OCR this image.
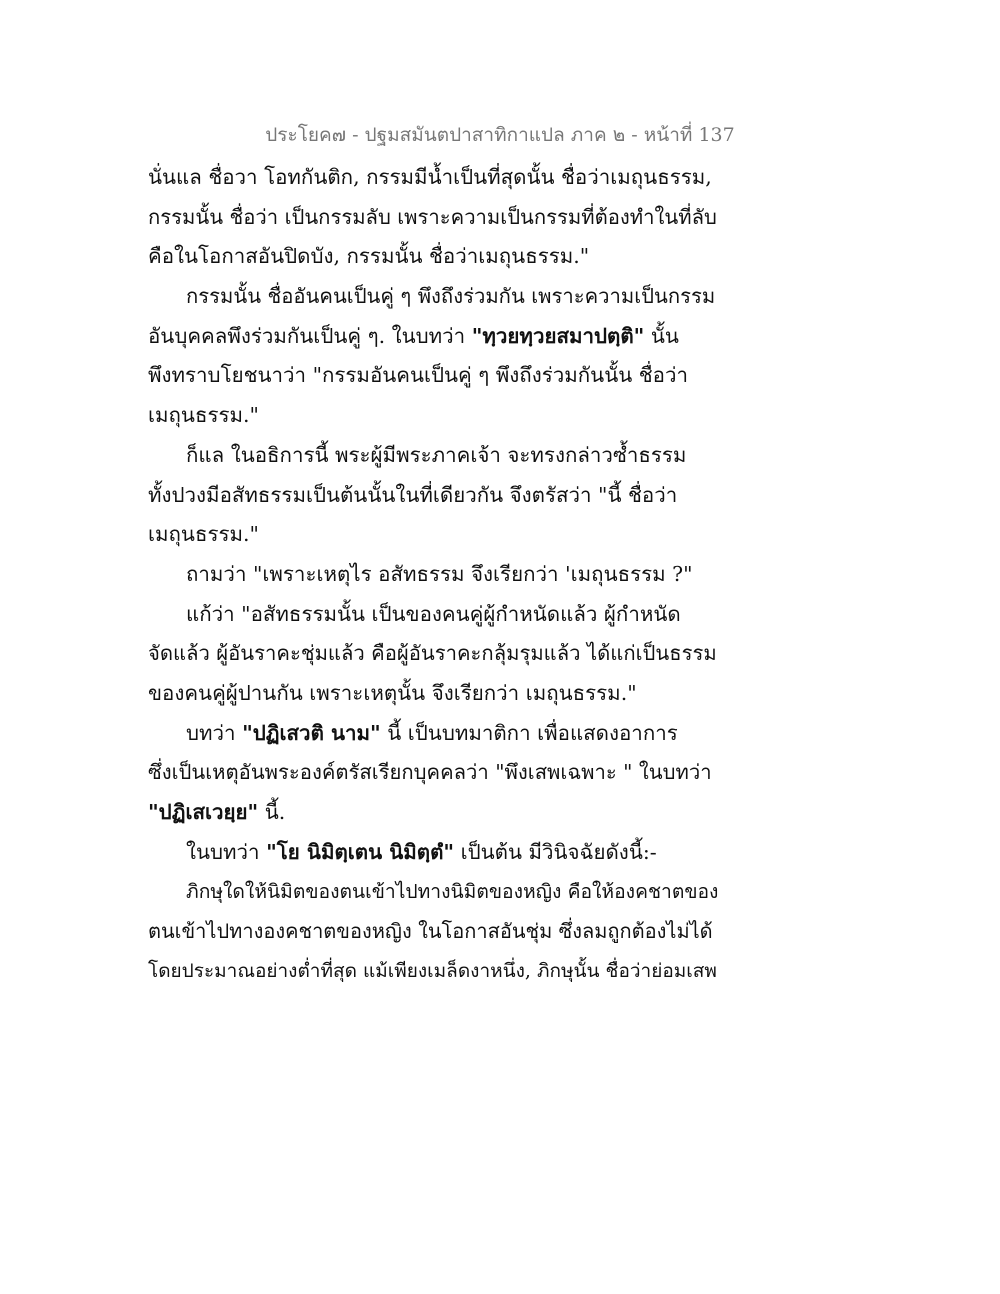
ประโยค๗ - ปฐมสมันตปาสาทิกาแปล ภาค ๒ - หน้าที่ 137
นั่นแล ชื่อวา โอทกันติก, กรรมมีน้ำเป็นที่สุดนั้น ชื่อว่าเมถุนธรรม,
กรรมนั้น ชื่อว่า เป็นกรรมลับ เพราะความเป็นกรรมที่ต้องทำในที่ลับ
คือในโอกาสอันปิดบัง, กรรมนั้น ชื่อว่าเมถุนธรรม."
กรรมนั้น ชื่ออันคนเป็นคู่ ๆ พึงถึงร่วมกัน เพราะความเป็นกรรม
อันบุคคลพึงร่วมกันเป็นคู่ ๆ. ในบทว่า "ทฺวยทฺวยสมาปตฺติ" นั้น
พึงทราบโยชนาว่า "กรรมอันคนเป็นคู่ ๆ พึงถึงร่วมกันนั้น ชื่อว่า
เมถุนธรรม."
ก็แล ในอธิการนี้ พระผู้มีพระภาคเจ้า จะทรงกล่าวซ้ำธรรม
ทั้งปวงมีอสัทธรรมเป็นต้นนั้นในที่เดียวกัน จึงตรัสว่า "นี้ ชื่อว่า
เมถุนธรรม."
ถามว่า "เพราะเหตุไร อสัทธรรม จึงเรียกว่า 'เมถุนธรรม ?"
แก้ว่า "อสัทธรรมนั้น เป็นของคนคู่ผู้กำหนัดแล้ว ผู้กำหนัด
จัดแล้ว ผู้อันราคะชุ่มแล้ว คือผู้อันราคะกลุ้มรุมแล้ว ได้แก่เป็นธรรม
ของคนคู่ผู้ปานกัน เพราะเหตุนั้น จึงเรียกว่า เมถุนธรรม."
บทว่า "ปฏิเสวติ นาม" นี้ เป็นบทมาติกา เพื่อแสดงอาการ
ซึ่งเป็นเหตุอันพระองค์ตรัสเรียกบุคคลว่า "พึงเสพเฉพาะ " ในบทว่า
"ปฏิเสเวยฺย" นี้.
ในบทว่า "โย นิมิตฺเตน นิมิตฺตํ" เป็นต้น มีวินิจฉัยดังนี้:-
ภิกษุใดให้นิมิตของตนเข้าไปทางนิมิตของหญิง คือให้องคชาตของ
ตนเข้าไปทางองคชาตของหญิง ในโอกาสอันชุ่ม ซึ่งลมถูกต้องไม่ได้
โดยประมาณอย่างต่ำที่สุด แม้เพียงเมล็ดงาหนึ่ง, ภิกษุนั้น ชื่อว่าย่อมเสพ
